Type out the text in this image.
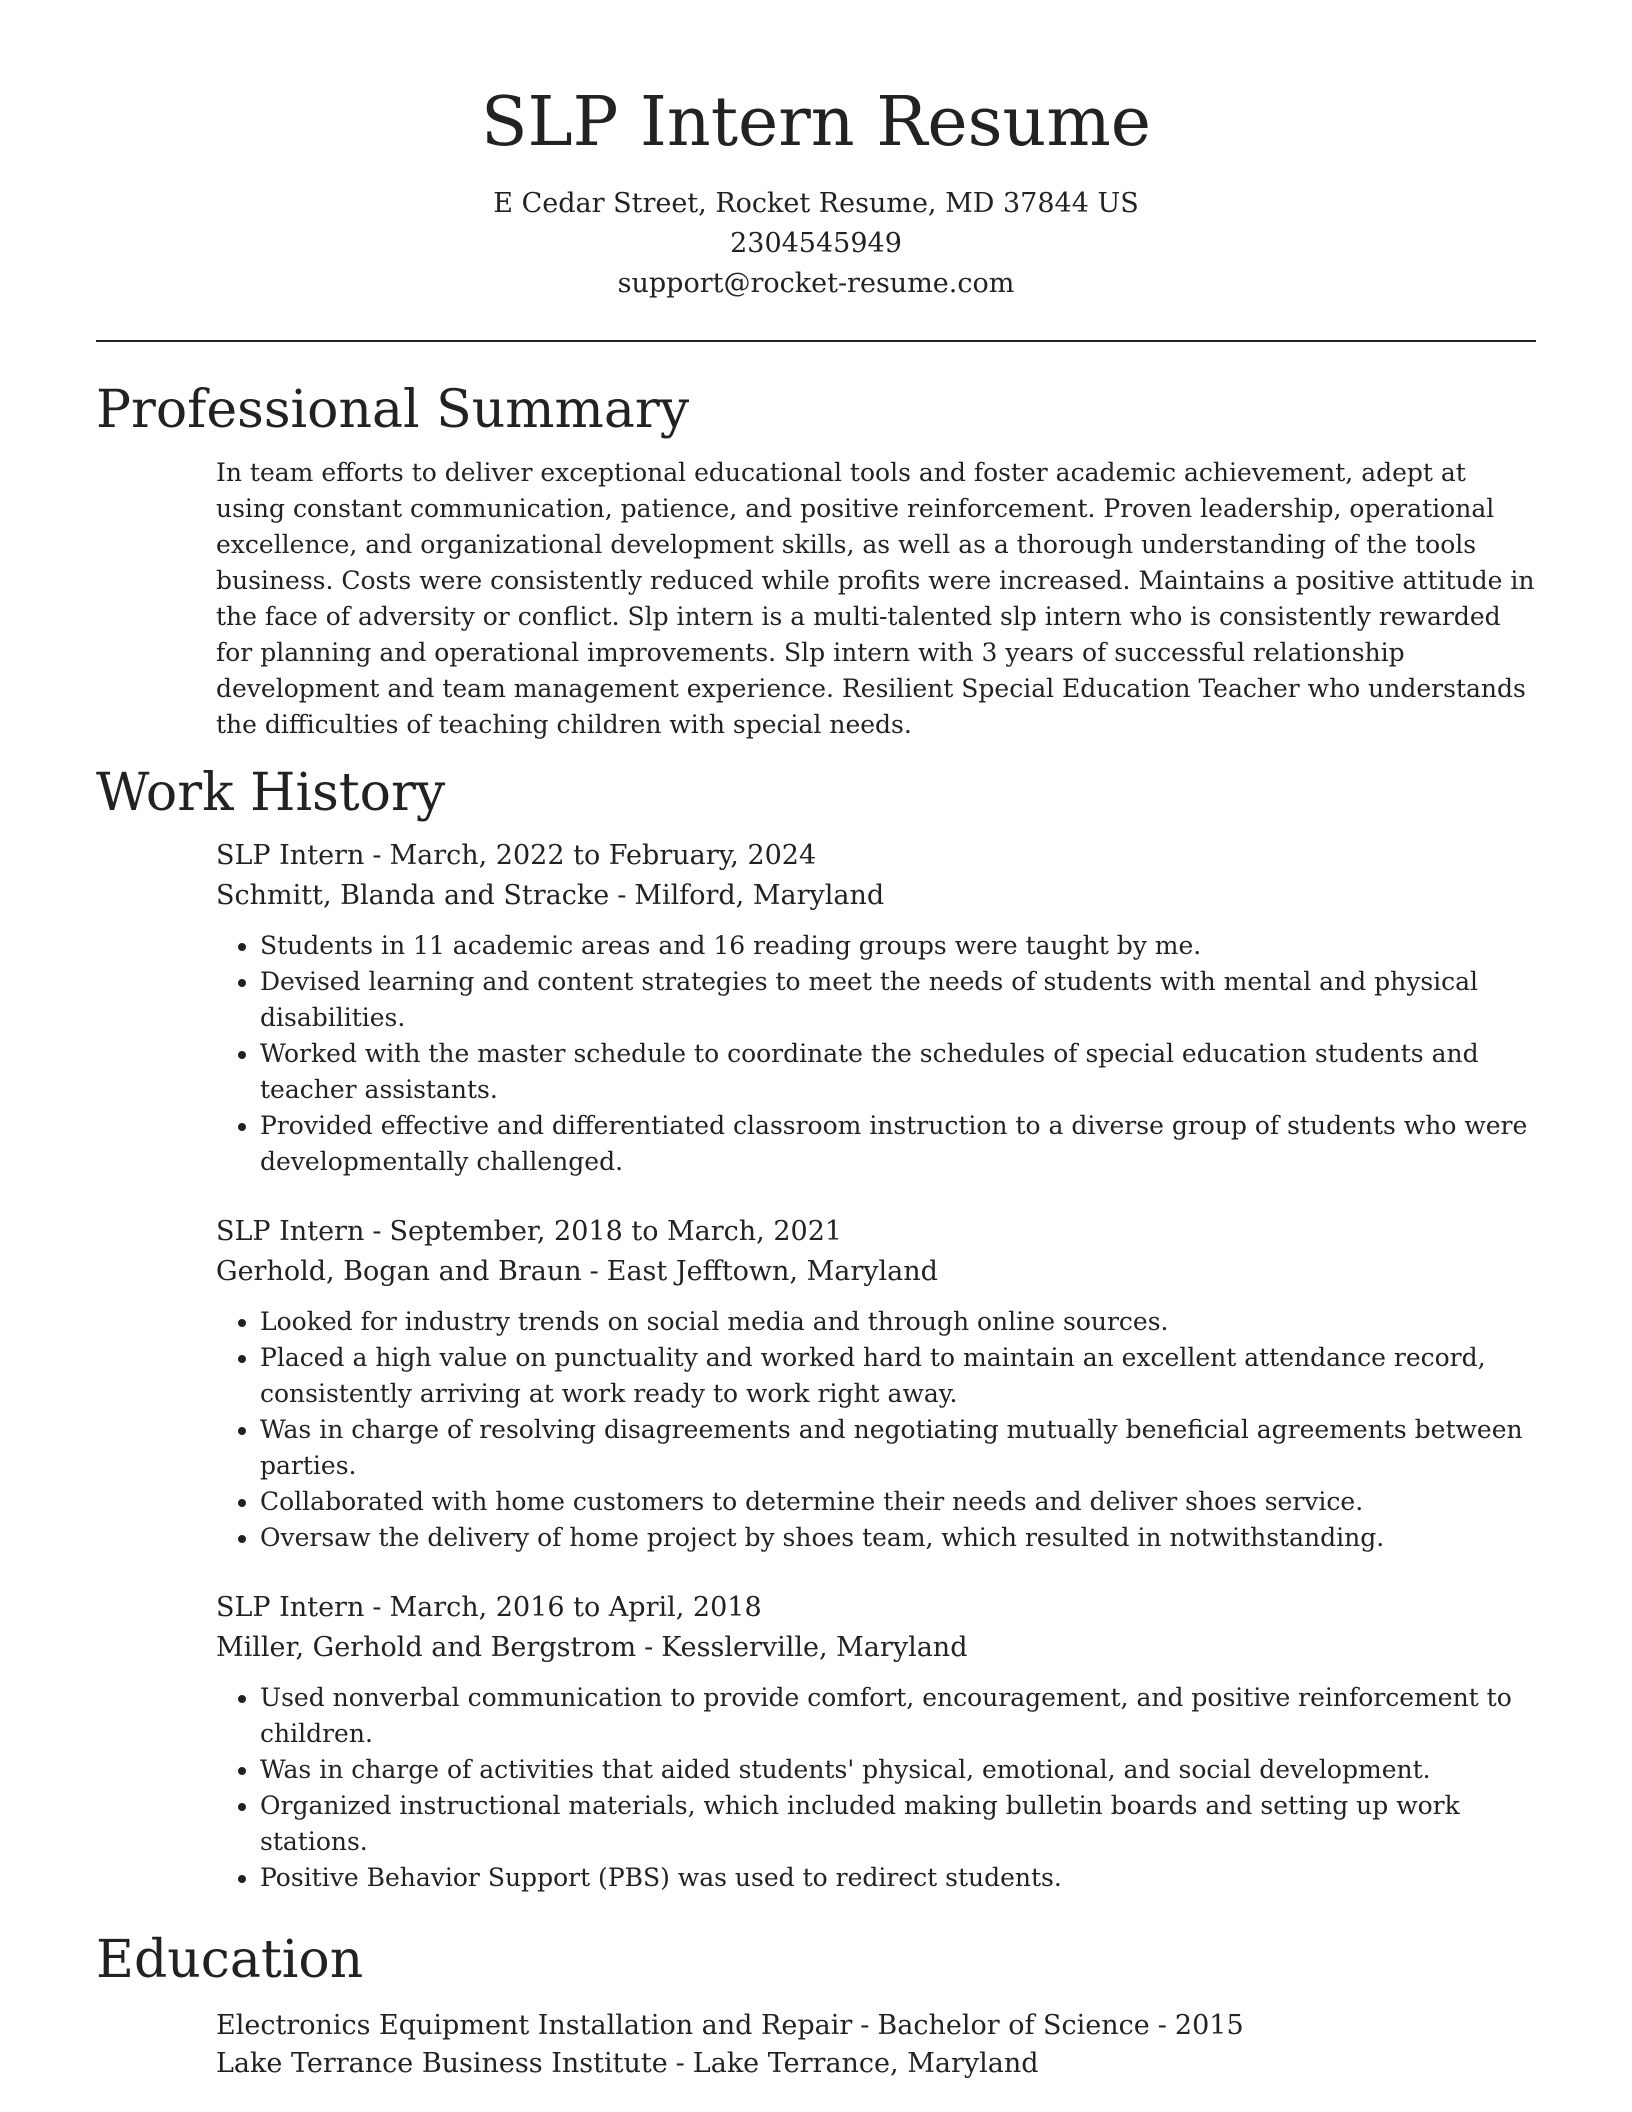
SLP Intern Resume
E Cedar Street, Rocket Resume, MD 37844 US
2304545949
support@rocket-resume.com
Professional Summary

In team efforts to deliver exceptional educational tools and foster academic achievement, adept at using constant communication, patience, and positive reinforcement. Proven leadership, operational excellence, and organizational development skills, as well as a thorough understanding of the tools business. Costs were consistently reduced while profits were increased. Maintains a positive attitude in the face of adversity or conflict. Slp intern is a multi-talented slp intern who is consistently rewarded for planning and operational improvements. Slp intern with 3 years of successful relationship development and team management experience. Resilient Special Education Teacher who understands the difficulties of teaching children with special needs.

Work History
SLP Intern - March, 2022 to February, 2024
Schmitt, Blanda and Stracke - Milford, Maryland
• Students in 11 academic areas and 16 reading groups were taught by me.
• Devised learning and content strategies to meet the needs of students with mental and physical disabilities.
• Worked with the master schedule to coordinate the schedules of special education students and teacher assistants.
• Provided effective and differentiated classroom instruction to a diverse group of students who were developmentally challenged.
SLP Intern - September, 2018 to March, 2021
Gerhold, Bogan and Braun - East Jefftown, Maryland
• Looked for industry trends on social media and through online sources.
• Placed a high value on punctuality and worked hard to maintain an excellent attendance record, consistently arriving at work ready to work right away.
• Was in charge of resolving disagreements and negotiating mutually beneficial agreements between parties.
• Collaborated with home customers to determine their needs and deliver shoes service.
• Oversaw the delivery of home project by shoes team, which resulted in notwithstanding.
SLP Intern - March, 2016 to April, 2018
Miller, Gerhold and Bergstrom - Kesslerville, Maryland
• Used nonverbal communication to provide comfort, encouragement, and positive reinforcement to children.
• Was in charge of activities that aided students' physical, emotional, and social development.
• Organized instructional materials, which included making bulletin boards and setting up work stations.
• Positive Behavior Support (PBS) was used to redirect students.
Education
Electronics Equipment Installation and Repair - Bachelor of Science - 2015
Lake Terrance Business Institute - Lake Terrance, Maryland
